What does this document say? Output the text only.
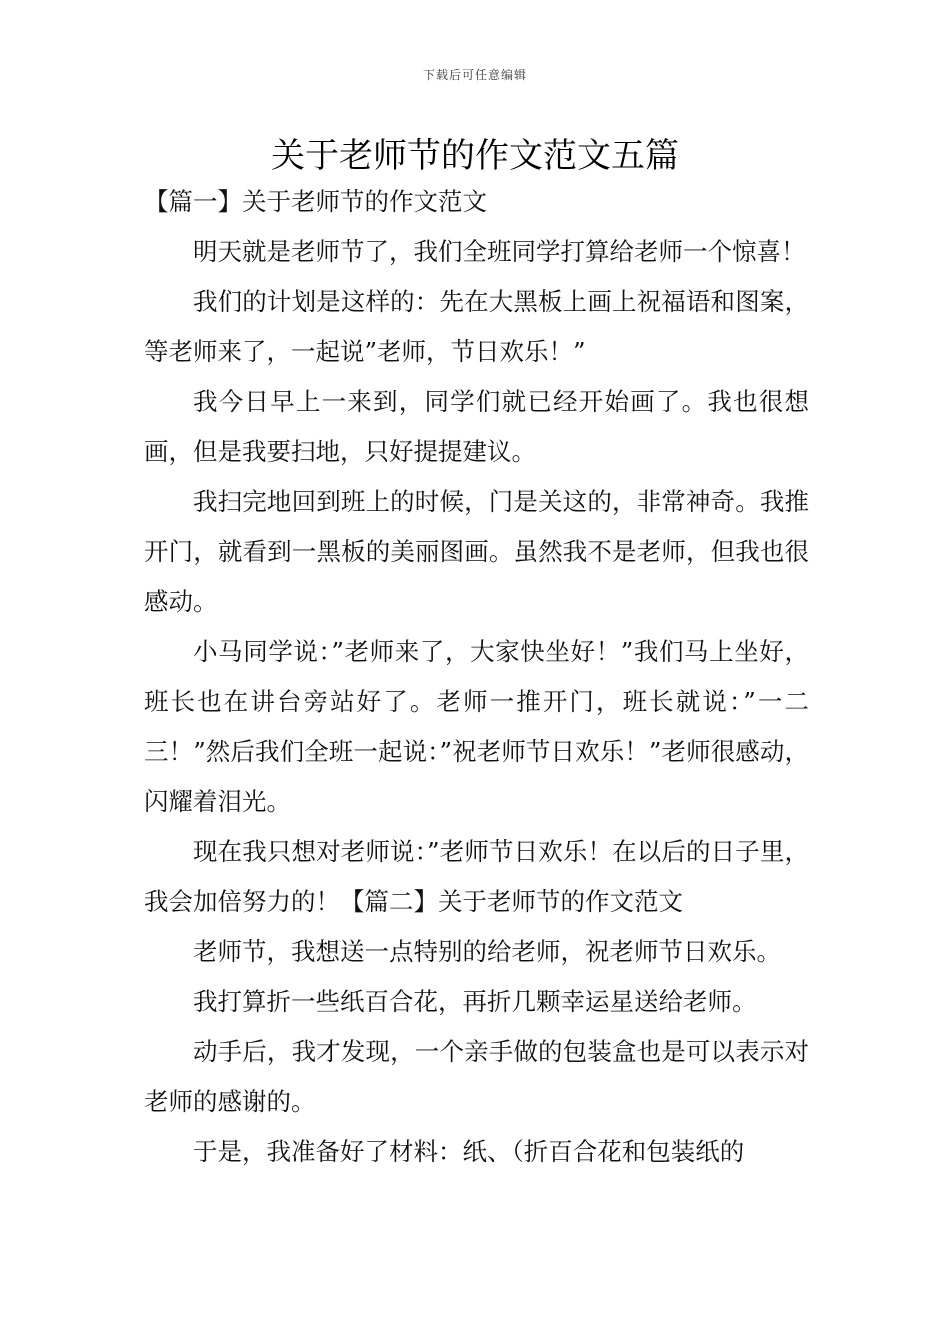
下载后可任意编辑
关于老师节的作文范文五篇

【篇一】关于老师节的作文范文

明天就是老师节了，我们全班同学打算给老师一个惊喜！

我们的计划是这样的：先在大黑板上画上祝福语和图案，等老师来了，一起说”老师，节日欢乐！”

我今日早上一来到，同学们就已经开始画了。我也很想画，但是我要扫地，只好提提建议。

我扫完地回到班上的时候，门是关这的，非常神奇。我推开门，就看到一黑板的美丽图画。虽然我不是老师，但我也很感动。

小马同学说：”老师来了，大家快坐好！”我们马上坐好，班长也在讲台旁站好了。老师一推开门，班长就说：”一二三！”然后我们全班一起说：”祝老师节日欢乐！”老师很感动，闪耀着泪光。

现在我只想对老师说：”老师节日欢乐！在以后的日子里，我会加倍努力的！【篇二】关于老师节的作文范文

老师节，我想送一点特别的给老师，祝老师节日欢乐。

我打算折一些纸百合花，再折几颗幸运星送给老师。

动手后，我才发现，一个亲手做的包装盒也是可以表示对老师的感谢的。

于是，我准备好了材料：纸、（折百合花和包装纸的
